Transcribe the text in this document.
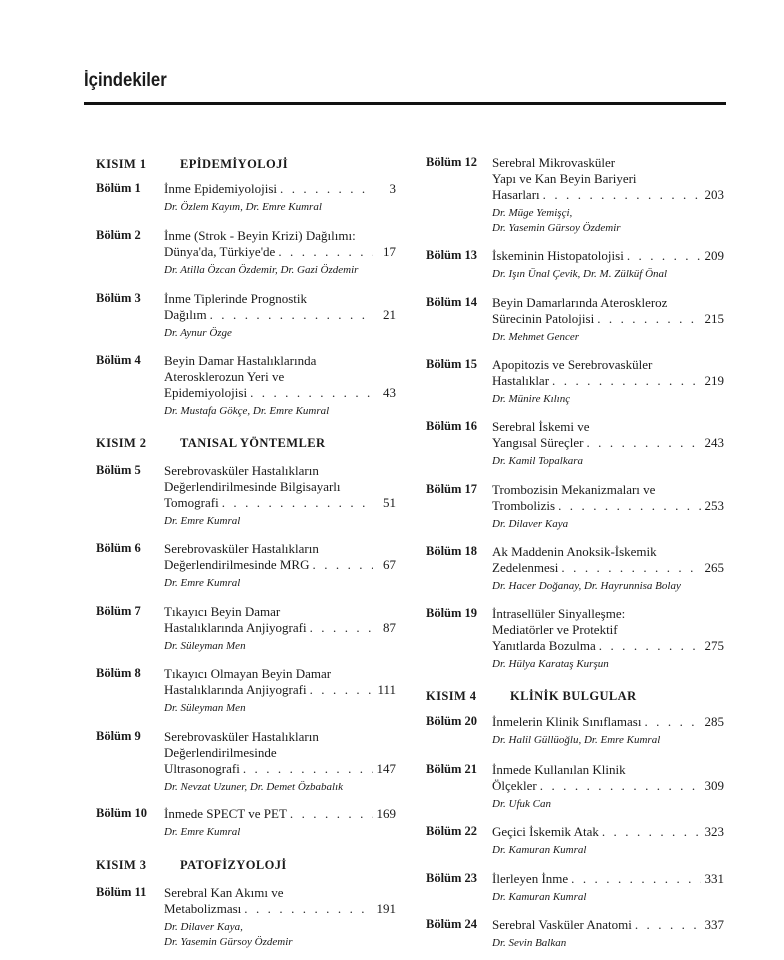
İçindekiler
KISIM 1	EPİDEMİYOLOJİ
Bölüm 1 İnme Epidemiyolojisi . . .	3
Dr. Özlem Kayım, Dr. Emre Kumral
Bölüm 2 İnme (Strok - Beyin Krizi) Dağılımı:
Dünya'da, Türkiye'de . . .	17
Dr. Atilla Özcan Özdemir, Dr. Gazi Özdemir
Bölüm 3 İnme Tiplerinde Prognostik
Dağılım . . .	21
Dr. Aynur Özge
Bölüm 4 Beyin Damar Hastalıklarında
Aterosklerozun Yeri ve
Epidemiyolojisi . . .	43
Dr. Mustafa Gökçe, Dr. Emre Kumral
KISIM 2	TANISAL YÖNTEMLER
Bölüm 5 Serebrovasküler Hastalıkların
Değerlendirilmesinde Bilgisayarlı
Tomografi . . .	51
Dr. Emre Kumral
Bölüm 6 Serebrovasküler Hastalıkların
Değerlendirilmesinde MRG . . .	67
Dr. Emre Kumral
Bölüm 7 Tıkayıcı Beyin Damar
Hastalıklarında Anjiyografi . . .	87
Dr. Süleyman Men
Bölüm 8 Tıkayıcı Olmayan Beyin Damar
Hastalıklarında Anjiyografi . . .	111
Dr. Süleyman Men
Bölüm 9 Serebrovasküler Hastalıkların
Değerlendirilmesinde
Ultrasonografi . . .	147
Dr. Nevzat Uzuner, Dr. Demet Özbabalık
Bölüm 10 İnmede SPECT ve PET . . .	169
Dr. Emre Kumral
KISIM 3	PATOFİZYOLOJİ
Bölüm 11 Serebral Kan Akımı ve
Metabolizması . . .	191
Dr. Dilaver Kaya,
Dr. Yasemin Gürsoy Özdemir
Bölüm 12 Serebral Mikrovasküler
Yapı ve Kan Beyin Bariyeri
Hasarları . . .	203
Dr. Müge Yemişçi,
Dr. Yasemin Gürsoy Özdemir
Bölüm 13 İskeminin Histopatolojisi . . .	209
Dr. Işın Ünal Çevik, Dr. M. Zülküf Önal
Bölüm 14 Beyin Damarlarında Ateroskleroz
Sürecinin Patolojisi . . .	215
Dr. Mehmet Gencer
Bölüm 15 Apopitozis ve Serebrovasküler
Hastalıklar . . .	219
Dr. Münire Kılınç
Bölüm 16 Serebral İskemi ve
Yangısal Süreçler . . .	243
Dr. Kamil Topalkara
Bölüm 17 Trombozisin Mekanizmaları ve
Trombolizis . . .	253
Dr. Dilaver Kaya
Bölüm 18 Ak Maddenin Anoksik-İskemik
Zedelenmesi . . .	265
Dr. Hacer Doğanay, Dr. Hayrunnisa Bolay
Bölüm 19 İntrasellüler Sinyalleşme:
Mediatörler ve Protektif
Yanıtlarda Bozulma . . .	275
Dr. Hülya Karataş Kurşun
KISIM 4	KLİNİK BULGULAR
Bölüm 20 İnmelerin Klinik Sınıflaması . . .	285
Dr. Halil Güllüoğlu, Dr. Emre Kumral
Bölüm 21 İnmede Kullanılan Klinik
Ölçekler . . .	309
Dr. Ufuk Can
Bölüm 22 Geçici İskemik Atak . . .	323
Dr. Kamuran Kumral
Bölüm 23 İlerleyen İnme . . .	331
Dr. Kamuran Kumral
Bölüm 24 Serebral Vasküler Anatomi . . .	337
Dr. Sevin Balkan
